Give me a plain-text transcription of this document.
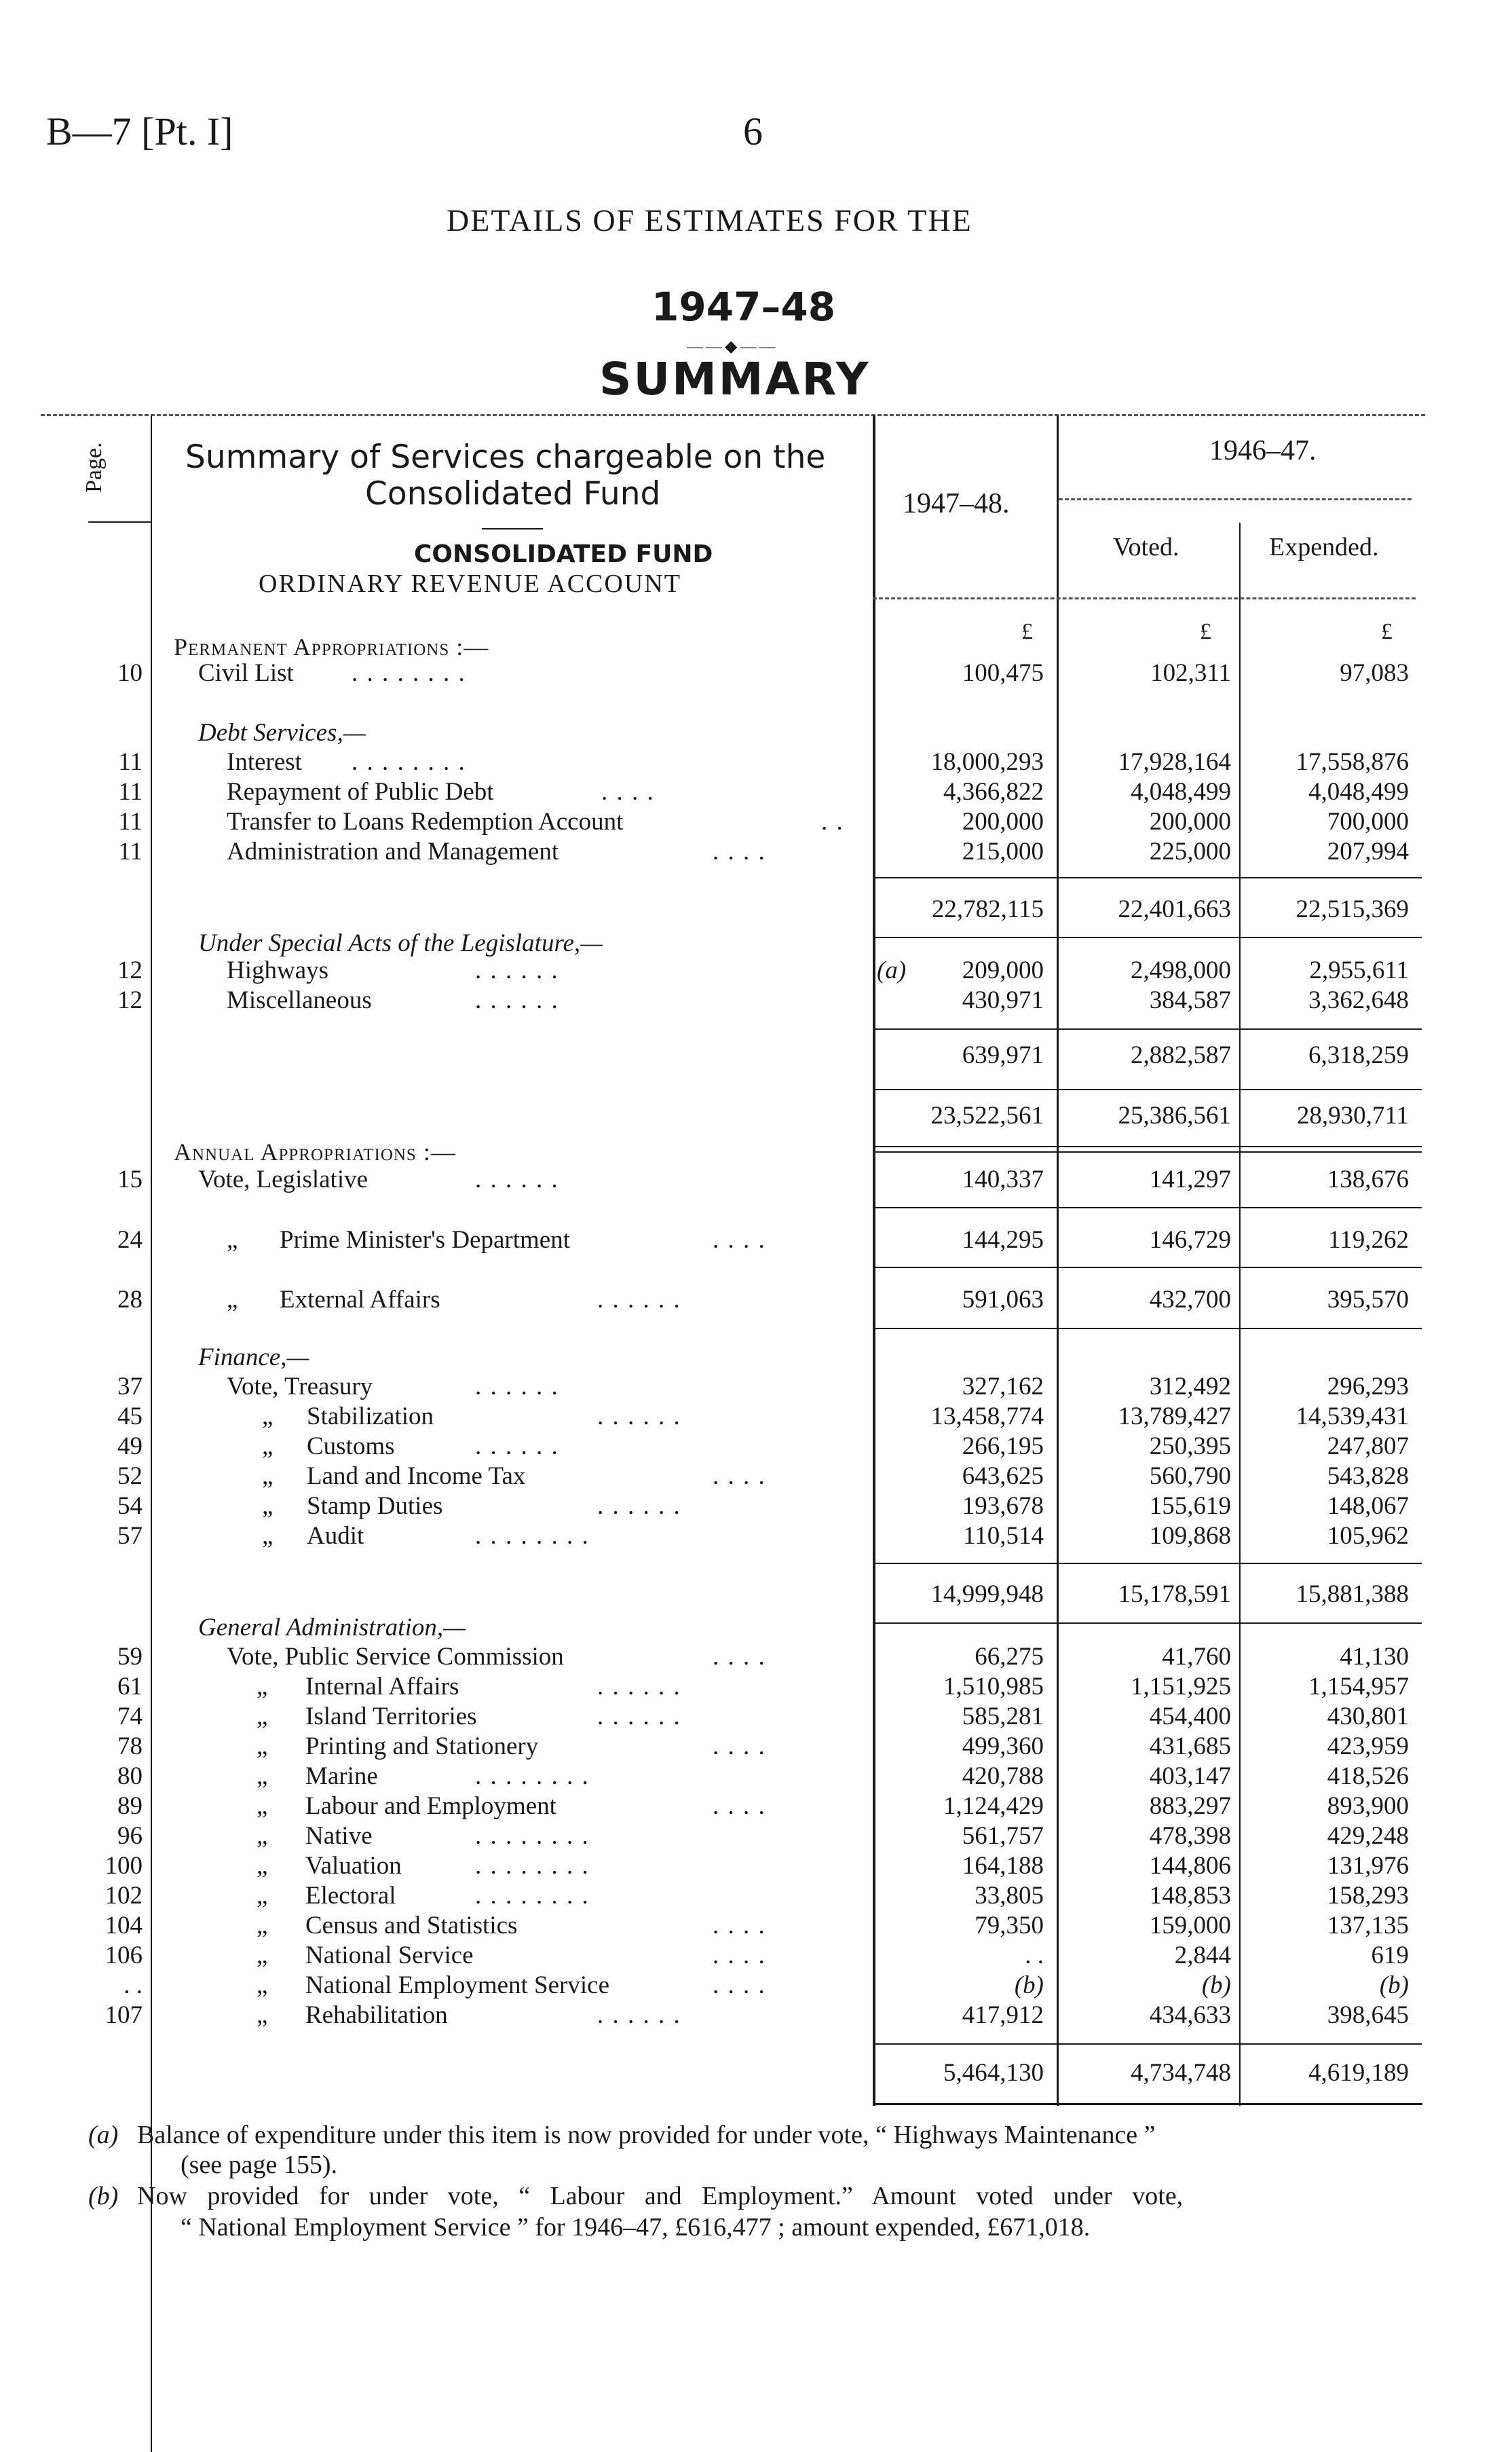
B—7 [Pt. I]	6
DETAILS OF ESTIMATES FOR THE
1947–48
——◆——
SUMMARY
Page. Summary of Services chargeable on the
Consolidated Fund
CONSOLIDATED FUND
ORDINARY REVENUE ACCOUNT
1947–48.
1946–47.
Voted.	Expended.
Permanent Appropriations :—
£	£	£
10 Civil List . . . . . . . .	100,475	102,311	97,083
Debt Services,—
11	Interest . . . . . . . .	18,000,293	17,928,164	17,558,876
11	Repayment of Public Debt	. . . .	4,366,822	4,048,499	4,048,499
11	Transfer to Loans Redemption Account	. .	200,000	200,000	700,000
11	Administration and Management	. . . .	215,000	225,000	207,994
22,782,115	22,401,663	22,515,369
Under Special Acts of the Legislature,—
12	Highways	. . . . . .	(a)	209,000	2,498,000	2,955,611
12	Miscellaneous	. . . . . .	430,971	384,587	3,362,648
639,971	2,882,587	6,318,259
23,522,561	25,386,561	28,930,711
Annual Appropriations :—
15 Vote, Legislative	. . . . . .	140,337	141,297	138,676
24	„ Prime Minister's Department	. . . .	144,295	146,729	119,262
28	„ External Affairs	. . . . . .	591,063	432,700	395,570
Finance,—
37	Vote, Treasury	. . . . . .	327,162	312,492	296,293
45	„ Stabilization	. . . . . .	13,458,774	13,789,427	14,539,431
49	„ Customs	. . . . . .	266,195	250,395	247,807
52	„ Land and Income Tax	. . . .	643,625	560,790	543,828
54	„ Stamp Duties	. . . . . .	193,678	155,619	148,067
57	„ Audit	. . . . . . . .	110,514	109,868	105,962
14,999,948	15,178,591	15,881,388
General Administration,—
59	Vote, Public Service Commission	. . . .	66,275	41,760	41,130
61	„ Internal Affairs	. . . . . .	1,510,985	1,151,925	1,154,957
74	„ Island Territories	. . . . . .	585,281	454,400	430,801
78	„ Printing and Stationery	. . . .	499,360	431,685	423,959
80	„ Marine	. . . . . . . .	420,788	403,147	418,526
89	„ Labour and Employment	. . . .	1,124,429	883,297	893,900
96	„ Native	. . . . . . . .	561,757	478,398	429,248
100	„ Valuation	. . . . . . . .	164,188	144,806	131,976
102	„ Electoral	. . . . . . . .	33,805	148,853	158,293
104	„ Census and Statistics	. . . .	79,350	159,000	137,135
106	„ National Service	. . . .	. .	2,844	619
. .	„ National Employment Service	. . . .	(b)	(b)	(b)
107	„ Rehabilitation	. . . . . .	417,912	434,633	398,645
5,464,130	4,734,748	4,619,189
(a) Balance of expenditure under this item is now provided for under vote, “ Highways Maintenance ”
(see page 155).
(b) Now provided for under vote, “ Labour and Employment.” Amount voted under vote,
“ National Employment Service ” for 1946–47, £616,477 ; amount expended, £671,018.
